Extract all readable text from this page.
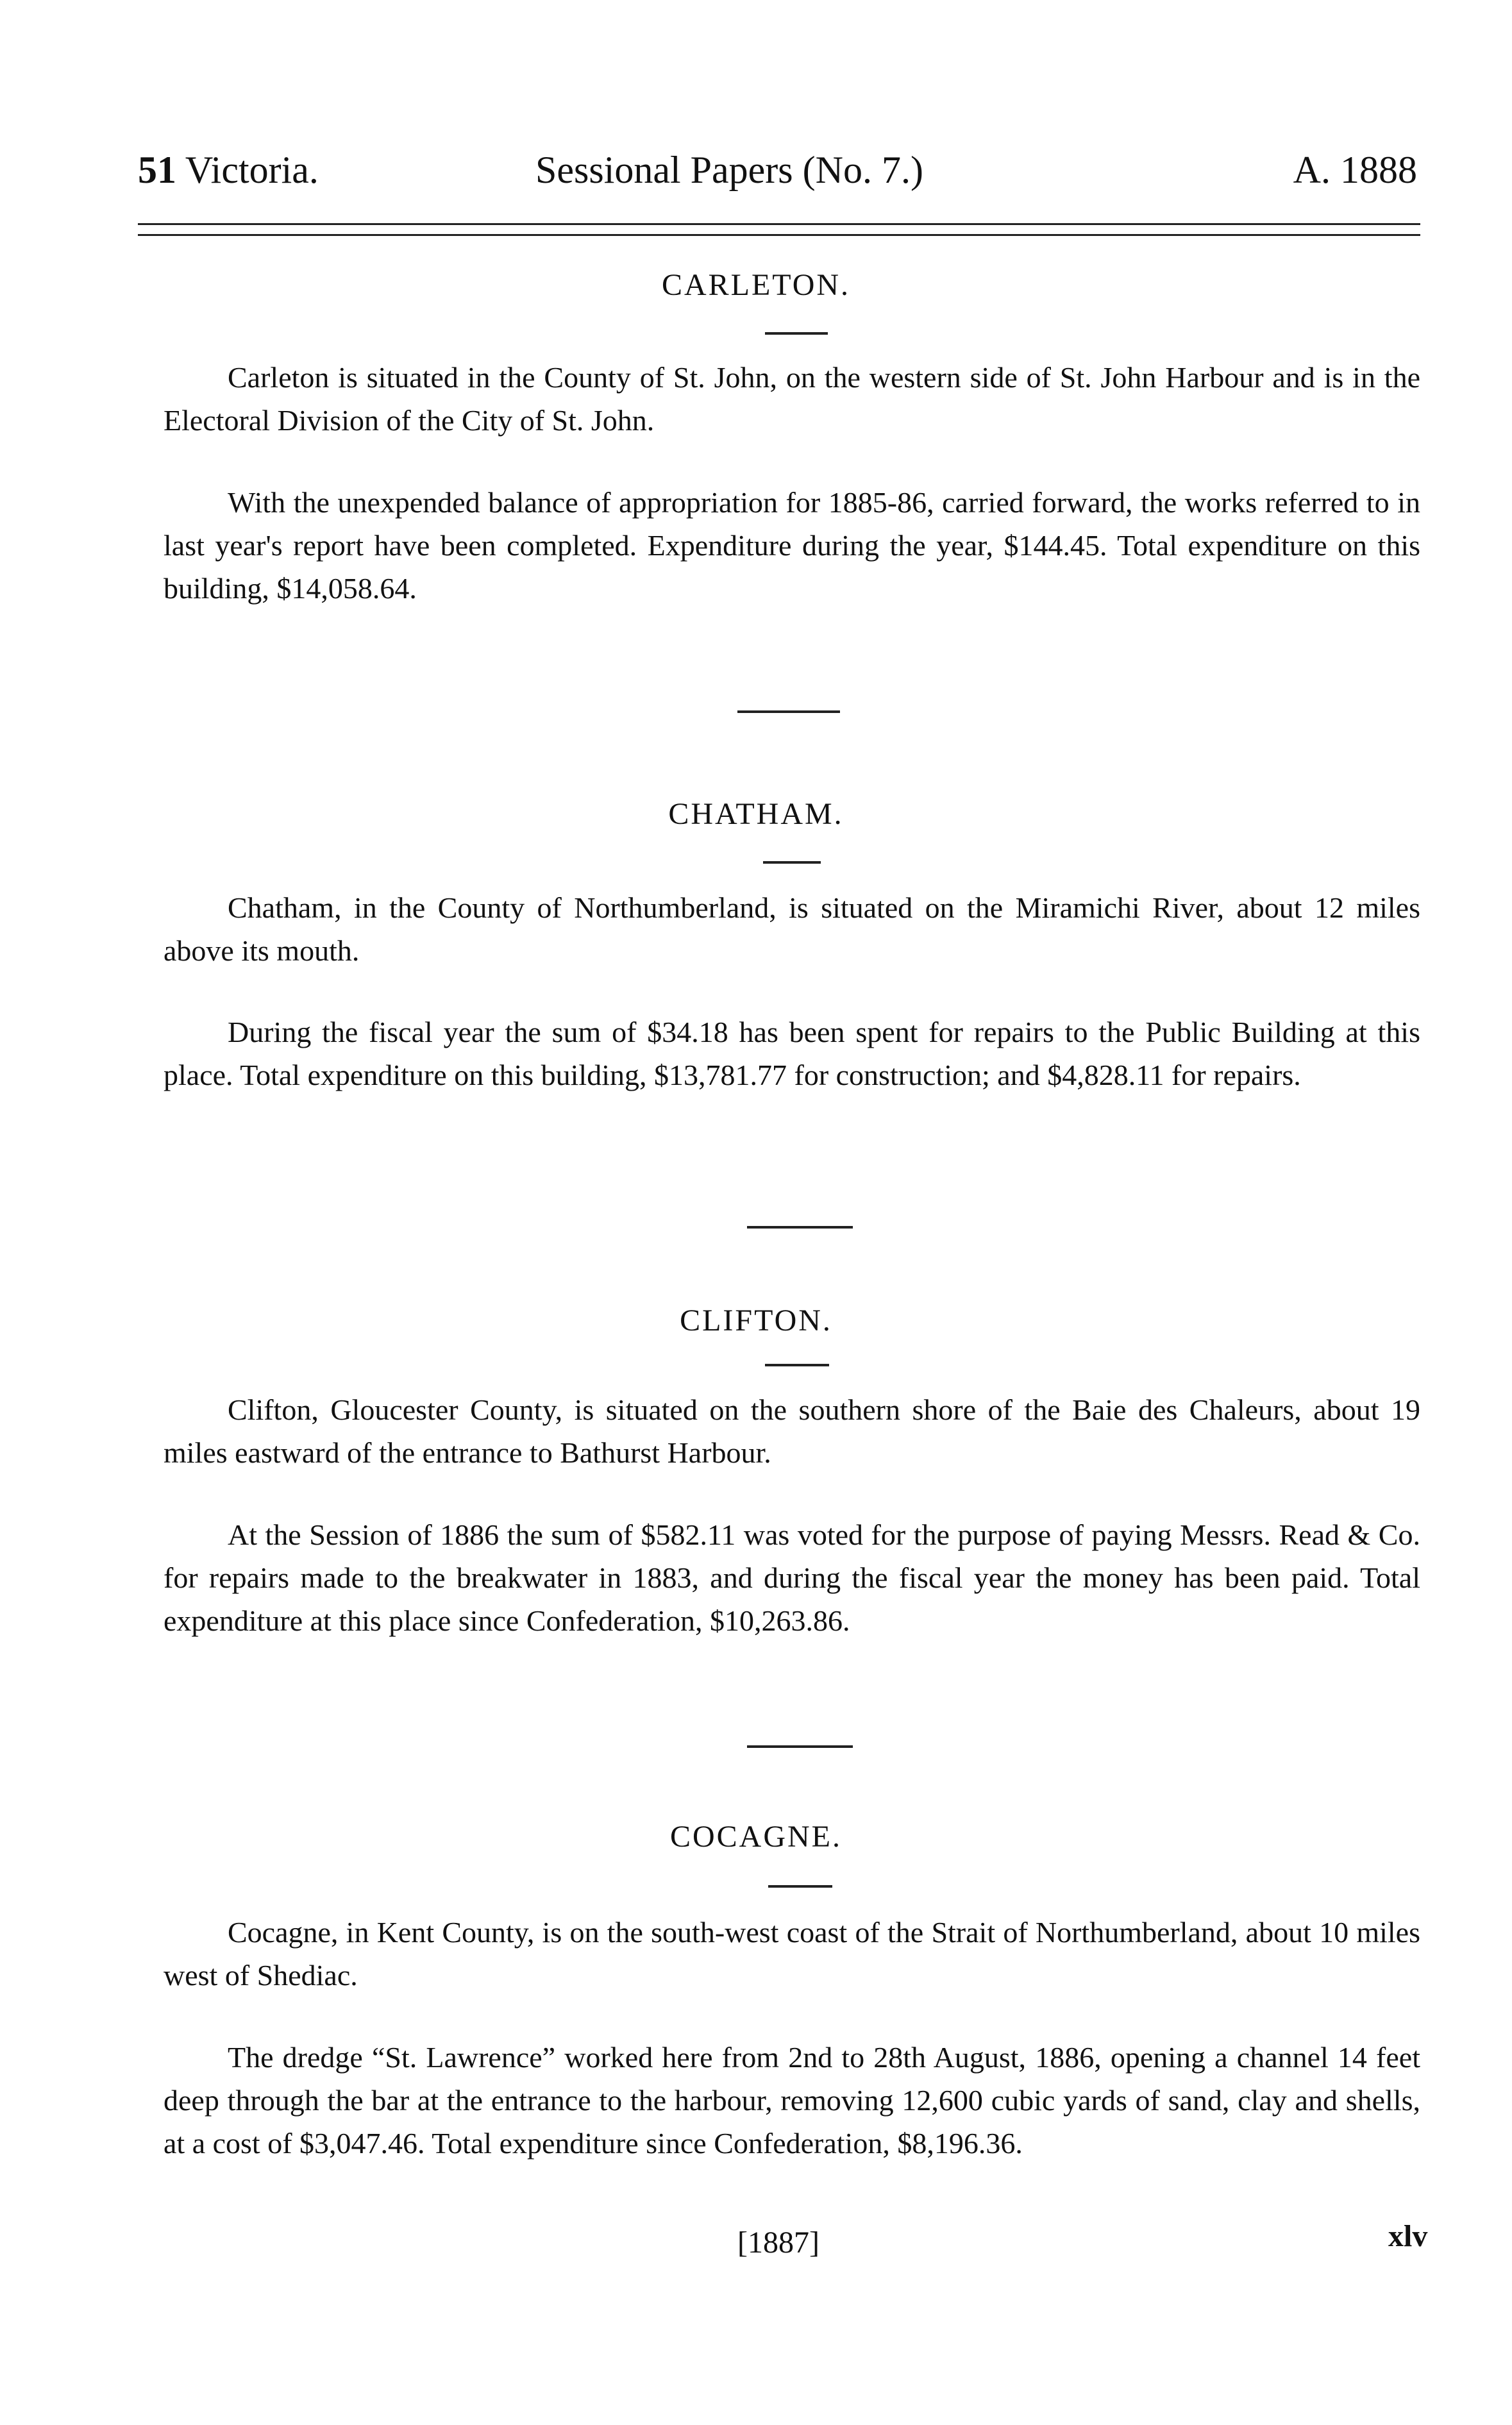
51 Victoria.	Sessional Papers (No. 7.)	A. 1888
CARLETON.

Carleton is situated in the County of St. John, on the western side of St. John Harbour and is in the Electoral Division of the City of St. John.

With the unexpended balance of appropriation for 1885-86, carried forward, the works referred to in last year's report have been completed. Expenditure during the year, $144.45. Total expenditure on this building, $14,058.64.

CHATHAM.

Chatham, in the County of Northumberland, is situated on the Miramichi River, about 12 miles above its mouth.

During the fiscal year the sum of $34.18 has been spent for repairs to the Public Building at this place. Total expenditure on this building, $13,781.77 for construction; and $4,828.11 for repairs.

CLIFTON.

Clifton, Gloucester County, is situated on the southern shore of the Baie des Chaleurs, about 19 miles eastward of the entrance to Bathurst Harbour.

At the Session of 1886 the sum of $582.11 was voted for the purpose of paying Messrs. Read & Co. for repairs made to the breakwater in 1883, and during the fiscal year the money has been paid. Total expenditure at this place since Confederation, $10,263.86.

COCAGNE.

Cocagne, in Kent County, is on the south-west coast of the Strait of Northumberland, about 10 miles west of Shediac.

The dredge “St. Lawrence” worked here from 2nd to 28th August, 1886, opening a channel 14 feet deep through the bar at the entrance to the harbour, removing 12,600 cubic yards of sand, clay and shells, at a cost of $3,047.46. Total expenditure since Confederation, $8,196.36.

[1887]	xlv
